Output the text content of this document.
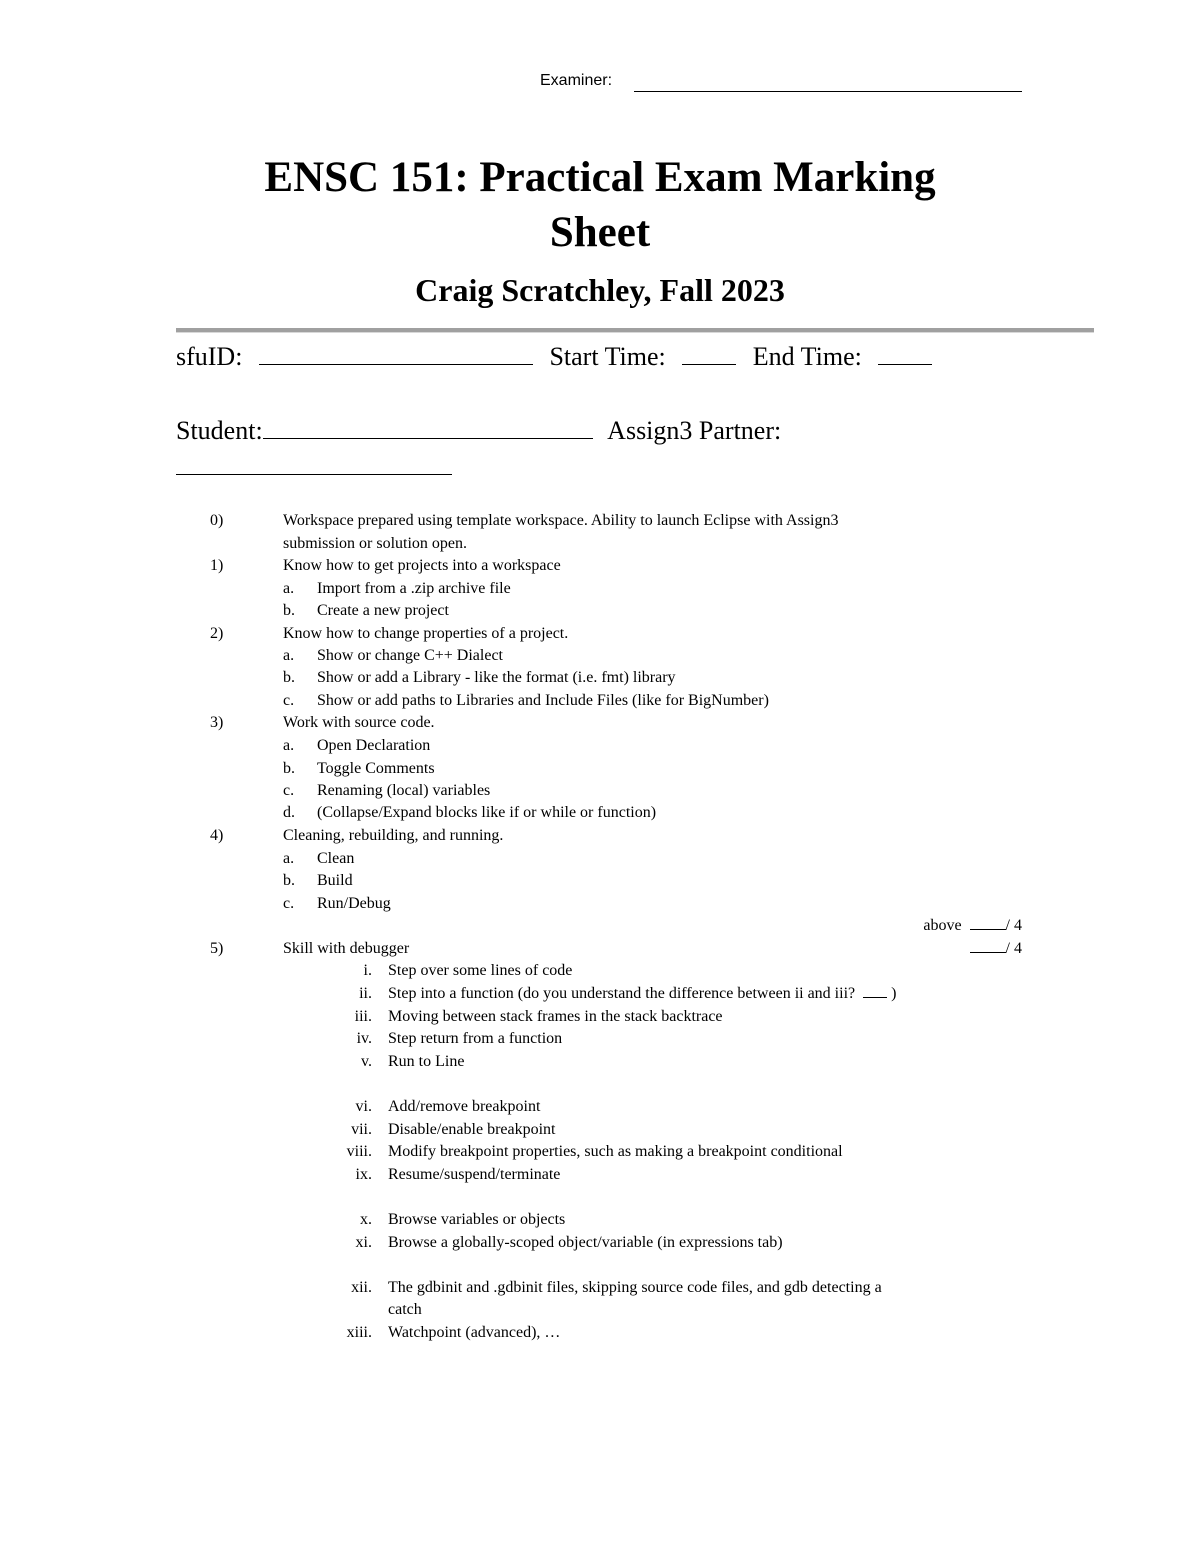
Examiner:
ENSC 151: Practical Exam Marking Sheet
Craig Scratchley, Fall 2023
sfuID:	Start Time:	End Time:
Student:	Assign3 Partner:
0)	Workspace prepared using template workspace. Ability to launch Eclipse with Assign3
submission or solution open.
1)	Know how to get projects into a workspace
a. Import from a .zip archive file
b. Create a new project
2)	Know how to change properties of a project.
a. Show or change C++ Dialect
b. Show or add a Library - like the format (i.e. fmt) library
c. Show or add paths to Libraries and Include Files (like for BigNumber)
3)	Work with source code.
a. Open Declaration
b. Toggle Comments
c. Renaming (local) variables
d. (Collapse/Expand blocks like if or while or function)
4)	Cleaning, rebuilding, and running.
a. Clean
b. Build
c. Run/Debug
above	/ 4
5)	Skill with debugger	/ 4
i. Step over some lines of code
ii. Step into a function (do you understand the difference between ii and iii? )
iii. Moving between stack frames in the stack backtrace
iv. Step return from a function
v. Run to Line
vi. Add/remove breakpoint
vii. Disable/enable breakpoint
viii. Modify breakpoint properties, such as making a breakpoint conditional
ix. Resume/suspend/terminate
x. Browse variables or objects
xi. Browse a globally-scoped object/variable (in expressions tab)
xii. The gdbinit and .gdbinit files, skipping source code files, and gdb detecting a
catch
xiii. Watchpoint (advanced), …
